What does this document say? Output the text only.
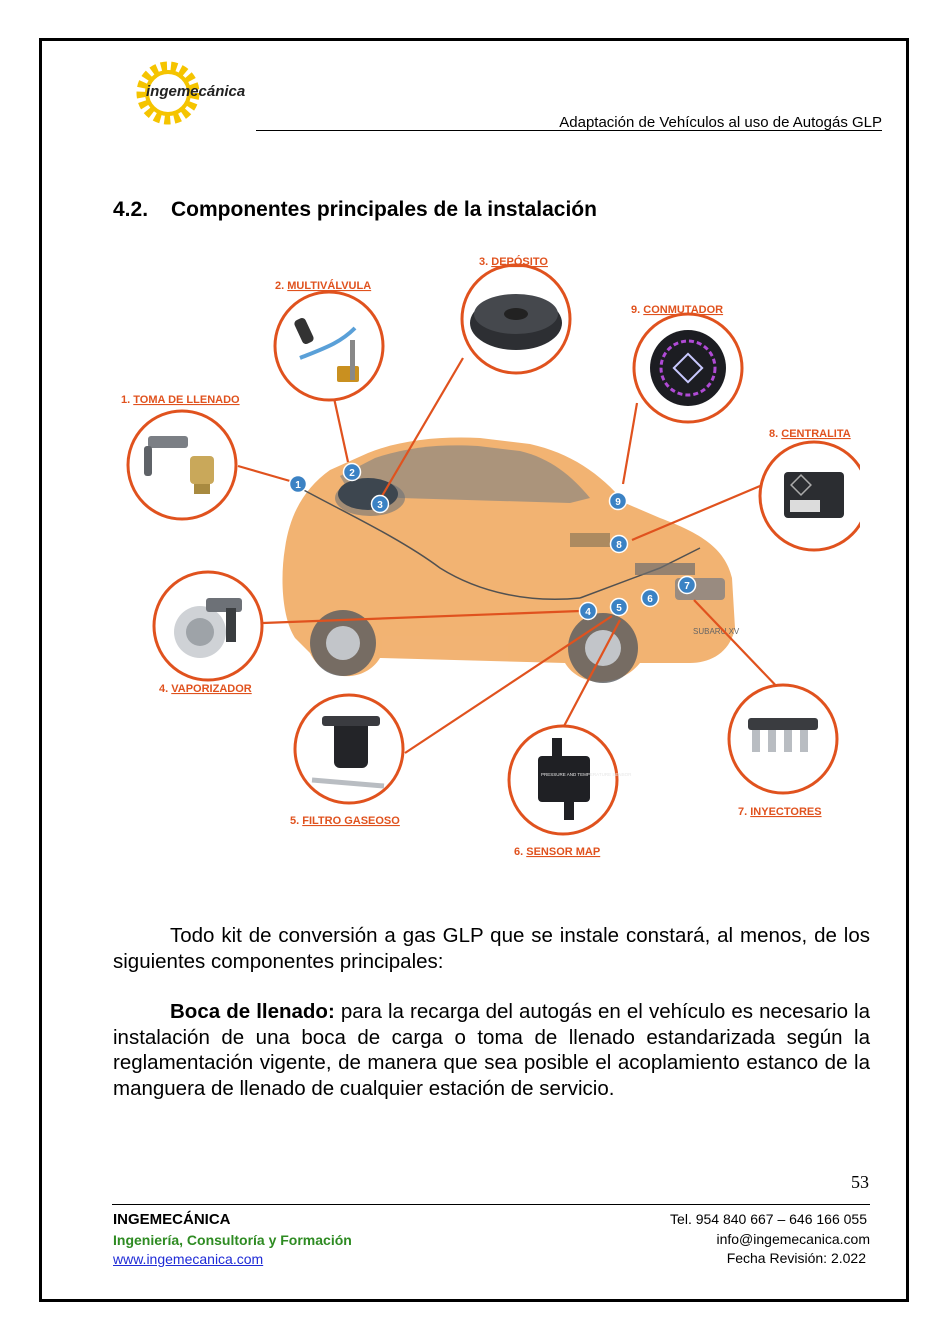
ingemecánica
Adaptación de Vehículos al uso de Autogás GLP
4.2. Componentes principales de la instalación
SUBARU XV
PRESSURE AND TEMPERATURE SENSOR
1
2
3
4	5
6
7
8
9
1. TOMA DE LLENADO
2. MULTIVÁLVULA
3. DEPÓSITO
4. VAPORIZADOR
5. FILTRO GASEOSO
6. SENSOR MAP
7. INYECTORES
8. CENTRALITA
9. CONMUTADOR
Todo kit de conversión a gas GLP que se instale constará, al menos, de los siguientes componentes principales:
Boca de llenado: para la recarga del autogás en el vehículo es necesario la instalación de una boca de carga o toma de llenado estandarizada según la reglamentación vigente, de manera que sea posible el acoplamiento estanco de la manguera de llenado de cualquier estación de servicio.
53
INGEMECÁNICA
Ingeniería, Consultoría y Formación
www.ingemecanica.com
Tel. 954 840 667 – 646 166 055
info@ingemecanica.com
Fecha Revisión: 2.022
